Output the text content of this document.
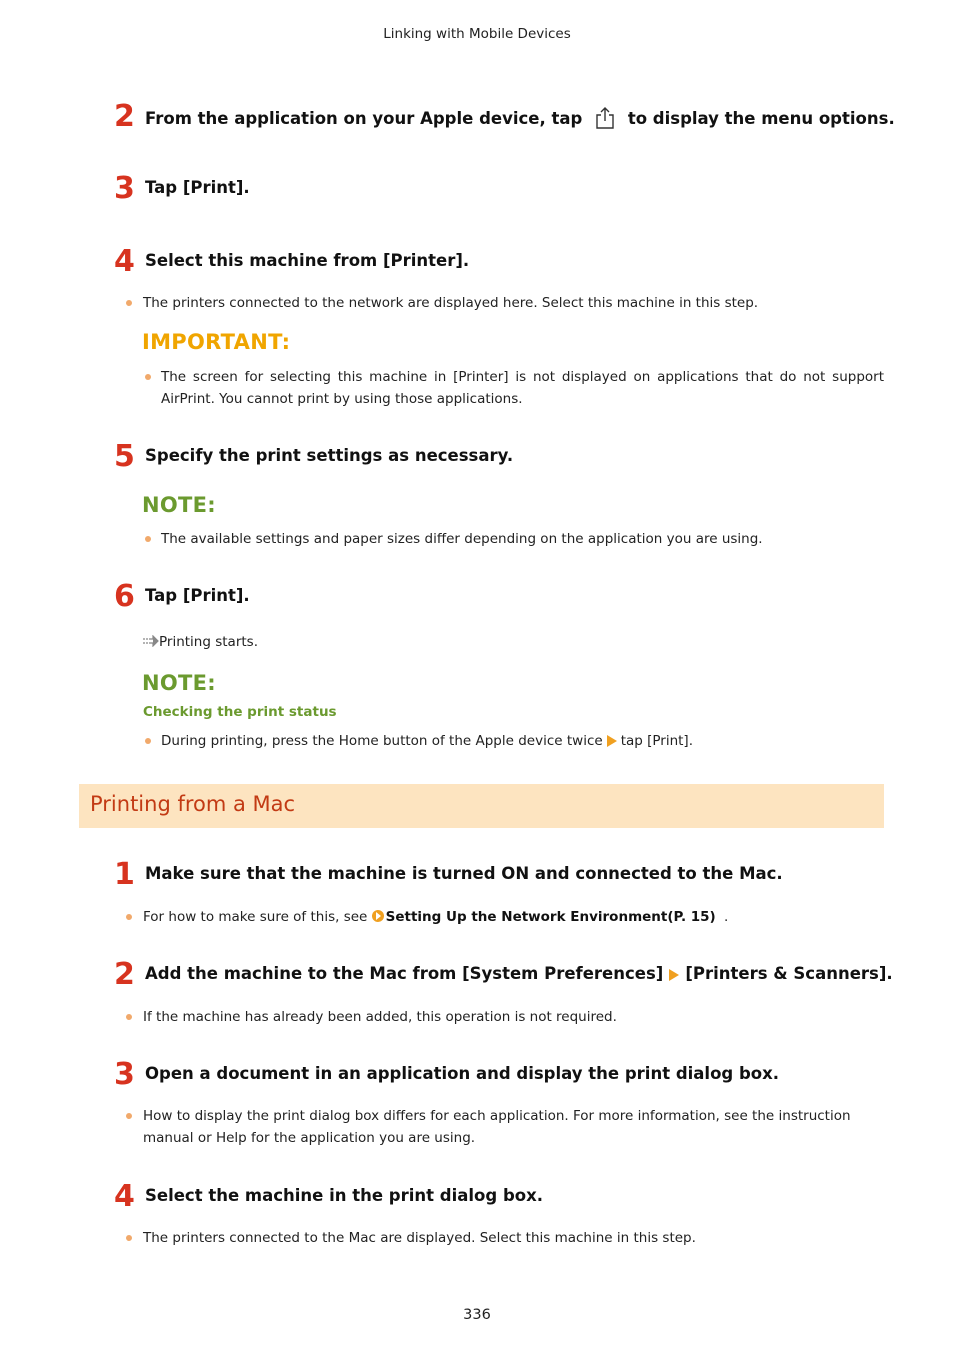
Linking with Mobile Devices
2 From the application on your Apple device, tap	to display the menu options.
3 Tap [Print].
4 Select this machine from [Printer].
The printers connected to the network are displayed here. Select this machine in this step.
IMPORTANT:
The screen for selecting this machine in [Printer] is not displayed on applications that do not support
AirPrint. You cannot print by using those applications.
5 Specify the print settings as necessary.
NOTE:
The available settings and paper sizes differ depending on the application you are using.
6 Tap [Print].
Printing starts.
NOTE:
Checking the print status
During printing, press the Home button of the Apple device twice tap [Print].
Printing from a Mac
1 Make sure that the machine is turned ON and connected to the Mac.
For how to make sure of this, see Setting Up the Network Environment(P. 15) .
2 Add the machine to the Mac from [System Preferences] [Printers & Scanners].
If the machine has already been added, this operation is not required.
3 Open a document in an application and display the print dialog box.
How to display the print dialog box differs for each application. For more information, see the instruction
manual or Help for the application you are using.
4 Select the machine in the print dialog box.
The printers connected to the Mac are displayed. Select this machine in this step.
336
